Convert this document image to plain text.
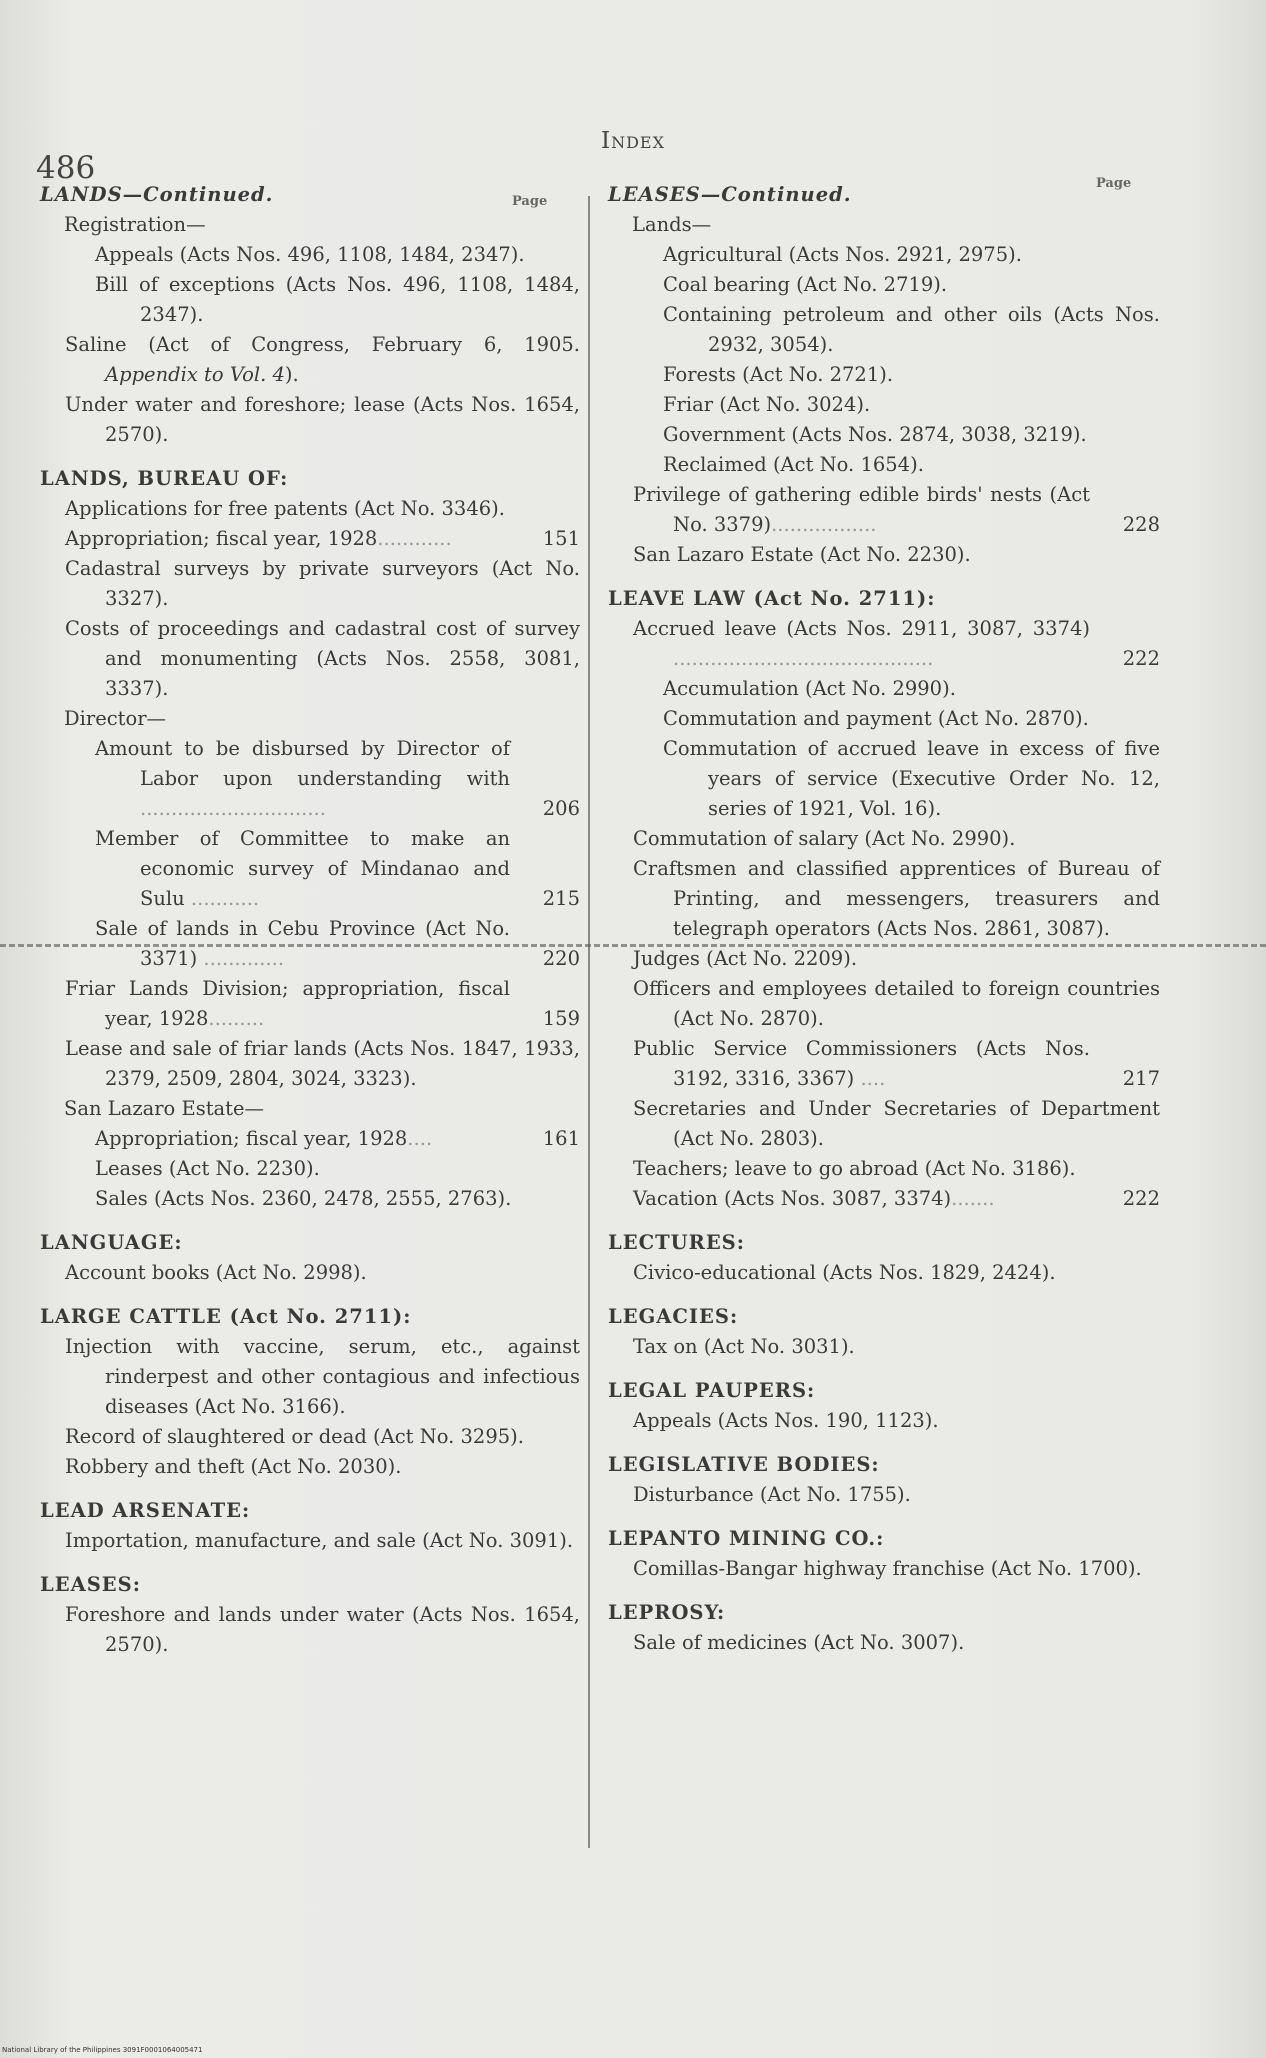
486
Index
Page
Page

LANDS—Continued.

Registration—

Appeals (Acts Nos. 496, 1108, 1484, 2347).

Bill of exceptions (Acts Nos. 496, 1108, 1484, 2347).

Saline (Act of Congress, February 6, 1905. Appendix to Vol. 4).

Under water and foreshore; lease (Acts Nos. 1654, 2570).

LANDS, BUREAU OF:

Applications for free patents (Act No. 3346).

Appropriation; fiscal year, 1928............	151

Cadastral surveys by private surveyors (Act No. 3327).

Costs of proceedings and cadastral cost of survey and monumenting (Acts Nos. 2558, 3081, 3337).

Director—

Amount to be disbursed by Director of Labor upon understanding with ..............................	206

Member of Committee to make an economic survey of Mindanao and Sulu ...........	215

Sale of lands in Cebu Province (Act No. 3371) .............	220

Friar Lands Division; appropriation, fiscal year, 1928.........	159

Lease and sale of friar lands (Acts Nos. 1847, 1933, 2379, 2509, 2804, 3024, 3323).

San Lazaro Estate—

Appropriation; fiscal year, 1928....	161

Leases (Act No. 2230).

Sales (Acts Nos. 2360, 2478, 2555, 2763).

LANGUAGE:

Account books (Act No. 2998).

LARGE CATTLE (Act No. 2711):

Injection with vaccine, serum, etc., against rinderpest and other contagious and infectious diseases (Act No. 3166).

Record of slaughtered or dead (Act No. 3295).

Robbery and theft (Act No. 2030).

LEAD ARSENATE:

Importation, manufacture, and sale (Act No. 3091).

LEASES:

Foreshore and lands under water (Acts Nos. 1654, 2570).

LEASES—Continued.

Lands—

Agricultural (Acts Nos. 2921, 2975).

Coal bearing (Act No. 2719).

Containing petroleum and other oils (Acts Nos. 2932, 3054).

Forests (Act No. 2721).

Friar (Act No. 3024).

Government (Acts Nos. 2874, 3038, 3219).

Reclaimed (Act No. 1654).

Privilege of gathering edible birds' nests (Act No. 3379).................	228

San Lazaro Estate (Act No. 2230).

LEAVE LAW (Act No. 2711):

Accrued leave (Acts Nos. 2911, 3087, 3374) ..........................................	222

Accumulation (Act No. 2990).

Commutation and payment (Act No. 2870).

Commutation of accrued leave in excess of five years of service (Executive Order No. 12, series of 1921, Vol. 16).

Commutation of salary (Act No. 2990).

Craftsmen and classified apprentices of Bureau of Printing, and messengers, treasurers and telegraph operators (Acts Nos. 2861, 3087).

Judges (Act No. 2209).

Officers and employees detailed to foreign countries (Act No. 2870).

Public Service Commissioners (Acts Nos. 3192, 3316, 3367) ....	217

Secretaries and Under Secretaries of Department (Act No. 2803).

Teachers; leave to go abroad (Act No. 3186).

Vacation (Acts Nos. 3087, 3374).......	222

LECTURES:

Civico-educational (Acts Nos. 1829, 2424).

LEGACIES:

Tax on (Act No. 3031).

LEGAL PAUPERS:

Appeals (Acts Nos. 190, 1123).

LEGISLATIVE BODIES:

Disturbance (Act No. 1755).

LEPANTO MINING CO.:

Comillas-Bangar highway franchise (Act No. 1700).

LEPROSY:

Sale of medicines (Act No. 3007).

National Library of the Philippines 3091F0001064005471
